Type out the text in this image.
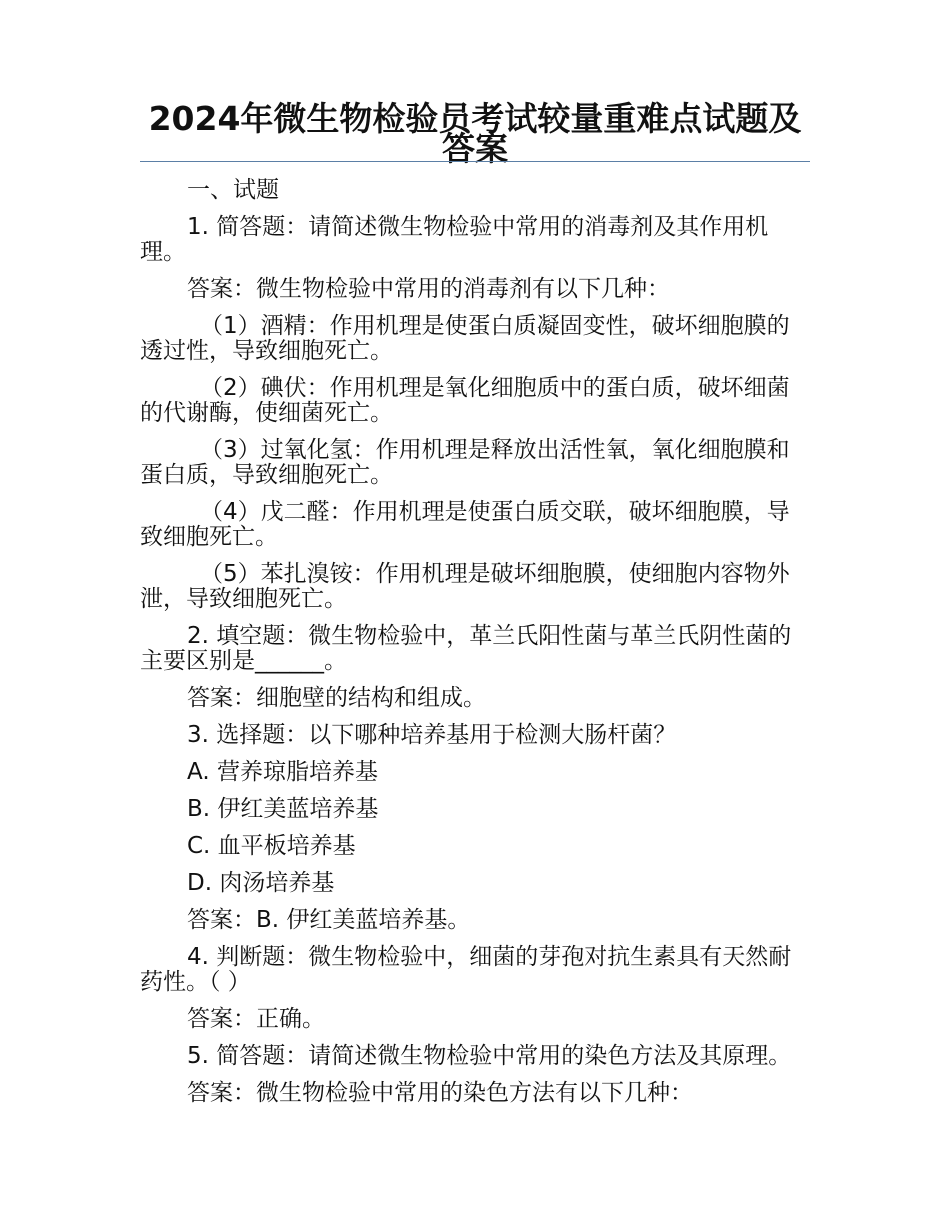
2024年微生物检验员考试较量重难点试题及答案

一、试题

1. 简答题：请简述微生物检验中常用的消毒剂及其作用机理。

答案：微生物检验中常用的消毒剂有以下几种：

（1）酒精：作用机理是使蛋白质凝固变性，破坏细胞膜的透过性，导致细胞死亡。

（2）碘伏：作用机理是氧化细胞质中的蛋白质，破坏细菌的代谢酶，使细菌死亡。

（3）过氧化氢：作用机理是释放出活性氧，氧化细胞膜和蛋白质，导致细胞死亡。

（4）戊二醛：作用机理是使蛋白质交联，破坏细胞膜，导致细胞死亡。

（5）苯扎溴铵：作用机理是破坏细胞膜，使细胞内容物外泄，导致细胞死亡。

2. 填空题：微生物检验中，革兰氏阳性菌与革兰氏阴性菌的主要区别是______。

答案：细胞壁的结构和组成。

3. 选择题：以下哪种培养基用于检测大肠杆菌？

A. 营养琼脂培养基

B. 伊红美蓝培养基

C. 血平板培养基

D. 肉汤培养基

答案：B. 伊红美蓝培养基。

4. 判断题：微生物检验中，细菌的芽孢对抗生素具有天然耐药性。（ ）

答案：正确。

5. 简答题：请简述微生物检验中常用的染色方法及其原理。

答案：微生物检验中常用的染色方法有以下几种：
